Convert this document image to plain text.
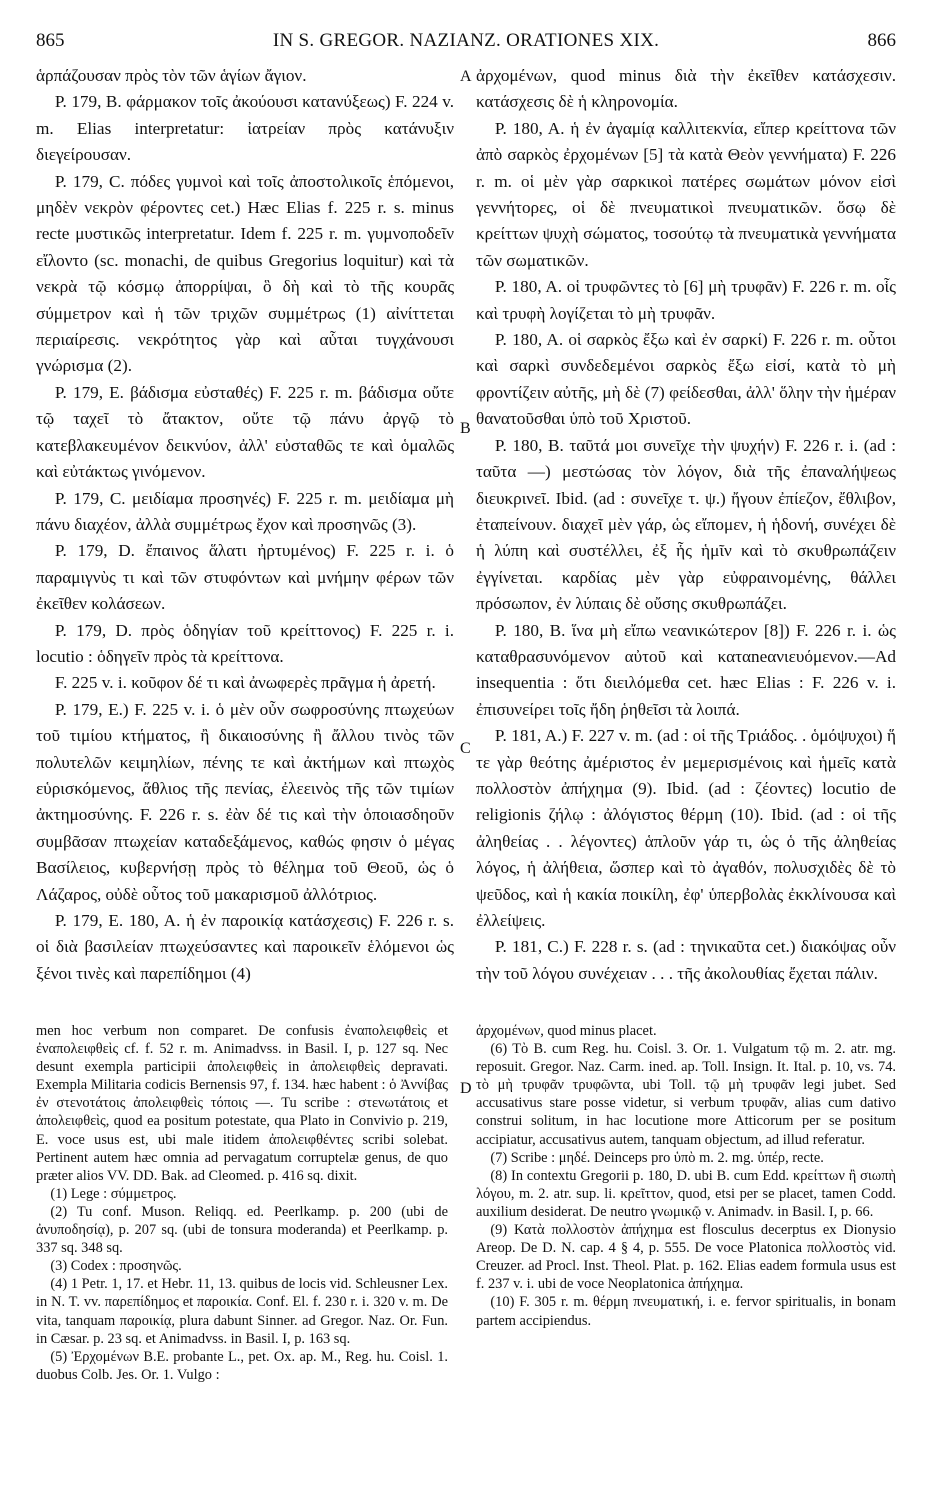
865	IN S. GREGOR. NAZIANZ. ORATIONES XIX.	866

ἁρπάζουσαν πρὸς τὸν τῶν ἁγίων ἄγιον.

P. 179, B. φάρμακον τοῖς ἀκούουσι κατανύξεως) F. 224 v. m. Elias interpretatur: ἰατρείαν πρὸς κατάνυξιν διεγείρουσαν.

P. 179, C. πόδες γυμνοὶ καὶ τοῖς ἀποστολικοῖς ἑπόμενοι, μηδὲν νεκρὸν φέροντες cet.) Hæc Elias f. 225 r. s. minus recte μυστικῶς interpretatur. Idem f. 225 r. m. γυμνοποδεῖν εἴλοντο (sc. monachi, de quibus Gregorius loquitur) καὶ τὰ νεκρὰ τῷ κόσμῳ ἀπορρίψαι, ὃ δὴ καὶ τὸ τῆς κουρᾶς σύμμετρον καὶ ἡ τῶν τριχῶν συμμέτρως (1) αἰνίττεται περιαίρεσις. νεκρότητος γὰρ καὶ αὗται τυγχάνουσι γνώρισμα (2).

P. 179, E. βάδισμα εὐσταθές) F. 225 r. m. βάδισμα οὔτε τῷ ταχεῖ τὸ ἄτακτον, οὔτε τῷ πάνυ ἀργῷ τὸ κατεβλακευμένον δεικνύον, ἀλλ' εὐσταθῶς τε καὶ ὁμαλῶς καὶ εὐτάκτως γινόμενον.

P. 179, C. μειδίαμα προσηνές) F. 225 r. m. μειδίαμα μὴ πάνυ διαχέον, ἀλλὰ συμμέτρως ἔχον καὶ προσηνῶς (3).

P. 179, D. ἔπαινος ἅλατι ἠρτυμένος) F. 225 r. i. ὁ παραμιγνὺς τι καὶ τῶν στυφόντων καὶ μνήμην φέρων τῶν ἐκεῖθεν κολάσεων.

P. 179, D. πρὸς ὁδηγίαν τοῦ κρείττονος) F. 225 r. i. locutio : ὁδηγεῖν πρὸς τὰ κρείττονα.

F. 225 v. i. κοῦφον δέ τι καὶ ἀνωφερὲς πρᾶγμα ἡ ἀρετή.

P. 179, E.) F. 225 v. i. ὁ μὲν οὖν σωφροσύνης πτωχεύων τοῦ τιμίου κτήματος, ἢ δικαιοσύνης ἢ ἄλλου τινὸς τῶν πολυτελῶν κειμηλίων, πένης τε καὶ ἀκτήμων καὶ πτωχὸς εὑρισκόμενος, ἄθλιος τῆς πενίας, ἐλεεινὸς τῆς τῶν τιμίων ἀκτημοσύνης. F. 226 r. s. ἐὰν δέ τις καὶ τὴν ὁποιασδηοῦν συμβᾶσαν πτωχείαν καταδεξάμενος, καθώς φησιν ὁ μέγας Βασίλειος, κυβερνήσῃ πρὸς τὸ θέλημα τοῦ Θεοῦ, ὡς ὁ Λάζαρος, οὐδὲ οὗτος τοῦ μακαρισμοῦ ἀλλότριος.

P. 179, E. 180, A. ἡ ἐν παροικίᾳ κατάσχεσις) F. 226 r. s. οἱ διὰ βασιλείαν πτωχεύσαντες καὶ παροικεῖν ἑλόμενοι ὡς ξένοι τινὲς καὶ παρεπίδημοι (4)

A
B
C
D

ἀρχομένων, quod minus διὰ τὴν ἐκεῖθεν κατάσχεσιν. κατάσχεσις δὲ ἡ κληρονομία.

P. 180, A. ἡ ἐν ἀγαμίᾳ καλλιτεκνία, εἴπερ κρείττονα τῶν ἀπὸ σαρκὸς ἐρχομένων [5] τὰ κατὰ Θεὸν γεννήματα) F. 226 r. m. οἱ μὲν γὰρ σαρκικοὶ πατέρες σωμάτων μόνον εἰσὶ γεννήτορες, οἱ δὲ πνευματικοὶ πνευματικῶν. ὅσῳ δὲ κρείττων ψυχὴ σώματος, τοσούτῳ τὰ πνευματικὰ γεννήματα τῶν σωματικῶν.

P. 180, A. οἱ τρυφῶντες τὸ [6] μὴ τρυφᾶν) F. 226 r. m. οἷς καὶ τρυφὴ λογίζεται τὸ μὴ τρυφᾶν.

P. 180, A. οἱ σαρκὸς ἔξω καὶ ἐν σαρκί) F. 226 r. m. οὗτοι καὶ σαρκὶ συνδεδεμένοι σαρκὸς ἔξω εἰσί, κατὰ τὸ μὴ φροντίζειν αὐτῆς, μὴ δὲ (7) φείδεσθαι, ἀλλ' ὅλην τὴν ἡμέραν θανατοῦσθαι ὑπὸ τοῦ Χριστοῦ.

P. 180, B. ταῦτά μοι συνεῖχε τὴν ψυχήν) F. 226 r. i. (ad : ταῦτα —) μεστώσας τὸν λόγον, διὰ τῆς ἐπαναλήψεως διευκρινεῖ. Ibid. (ad : συνεῖχε τ. ψ.) ἤγουν ἐπίεζον, ἔθλιβον, ἐταπείνουν. διαχεῖ μὲν γάρ, ὡς εἴπομεν, ἡ ἡδονή, συνέχει δὲ ἡ λύπη καὶ συστέλλει, ἐξ ἧς ἡμῖν καὶ τὸ σκυθρωπάζειν ἐγγίνεται. καρδίας μὲν γὰρ εὐφραινομένης, θάλλει πρόσωπον, ἐν λύπαις δὲ οὔσης σκυθρωπάζει.

P. 180, B. ἵνα μὴ εἴπω νεανικώτερον [8]) F. 226 r. i. ὡς καταθρασυνόμενον αὐτοῦ καὶ καταneανιευόμενον.—Ad insequentia : ὅτι διειλόμεθα cet. hæc Elias : F. 226 v. i. ἐπισυνείρει τοῖς ἤδη ῥηθεῖσι τὰ λοιπά.

P. 181, A.) F. 227 v. m. (ad : οἱ τῆς Τριάδος. . ὁμόψυχοι) ἥ τε γὰρ θεότης ἀμέριστος ἐν μεμερισμένοις καὶ ἡμεῖς κατὰ πολλοστὸν ἀπήχημα (9). Ibid. (ad : ζέοντες) locutio de religionis ζήλῳ : ἀλόγιστος θέρμη (10). Ibid. (ad : οἱ τῆς ἀληθείας . . λέγοντες) ἁπλοῦν γάρ τι, ὡς ὁ τῆς ἀληθείας λόγος, ἡ ἀλήθεια, ὥσπερ καὶ τὸ ἀγαθόν, πολυσχιδὲς δὲ τὸ ψεῦδος, καὶ ἡ κακία ποικίλη, ἐφ' ὑπερβολὰς ἐκκλίνουσα καὶ ἐλλείψεις.

P. 181, C.) F. 228 r. s. (ad : τηνικαῦτα cet.) διακόψας οὖν τὴν τοῦ λόγου συνέχειαν . . . τῆς ἀκολουθίας ἔχεται πάλιν.

men hoc verbum non comparet. De confusis ἐναπολειφθεὶς et ἐναπολειφθεὶς cf. f. 52 r. m. Animadvss. in Basil. I, p. 127 sq. Nec desunt exempla participii ἀπολειφθεὶς in ἀπολειφθεὶς depravati. Exempla Militaria codicis Bernensis 97, f. 134. hæc habent : ὁ Ἀννίβας ἐν στενοτάτοις ἀπολειφθεὶς τόποις —. Tu scribe : στενωτάτοις et ἀπολειφθεὶς, quod ea positum potestate, qua Plato in Convivio p. 219, E. voce usus est, ubi male itidem ἀπολειφθέντες scribi solebat. Pertinent autem hæc omnia ad pervagatum corruptelæ genus, de quo præter alios VV. DD. Bak. ad Cleomed. p. 416 sq. dixit.

(1) Lege : σύμμετρος.

(2) Tu conf. Muson. Reliqq. ed. Peerlkamp. p. 200 (ubi de ἀνυποδησίᾳ), p. 207 sq. (ubi de tonsura moderanda) et Peerlkamp. p. 337 sq. 348 sq.

(3) Codex : προσηνῶς.

(4) 1 Petr. 1, 17. et Hebr. 11, 13. quibus de locis vid. Schleusner Lex. in N. T. vv. παρεπίδημος et παροικία. Conf. El. f. 230 r. i. 320 v. m. De vita, tanquam παροικίᾳ, plura dabunt Sinner. ad Gregor. Naz. Or. Fun. in Cæsar. p. 23 sq. et Animadvss. in Basil. I, p. 163 sq.

(5) Ἐρχομένων B.E. probante L., pet. Ox. ap. M., Reg. hu. Coisl. 1. duobus Colb. Jes. Or. 1. Vulgo :

ἀρχομένων, quod minus placet.

(6) Τὸ B. cum Reg. hu. Coisl. 3. Or. 1. Vulgatum τῷ m. 2. atr. mg. reposuit. Gregor. Naz. Carm. ined. ap. Toll. Insign. It. Ital. p. 10, vs. 74. τὸ μὴ τρυφᾶν τρυφῶντα, ubi Toll. τῷ μὴ τρυφᾶν legi jubet. Sed accusativus stare posse videtur, si verbum τρυφᾶν, alias cum dativo construi solitum, in hac locutione more Atticorum per se positum accipiatur, accusativus autem, tanquam objectum, ad illud referatur.

(7) Scribe : μηδέ. Deinceps pro ὑπὸ m. 2. mg. ὑπέρ, recte.

(8) In contextu Gregorii p. 180, D. ubi B. cum Edd. κρείττων ἢ σιωπὴ λόγου, m. 2. atr. sup. li. κρεῖττον, quod, etsi per se placet, tamen Codd. auxilium desiderat. De neutro γνωμικῷ v. Animadv. in Basil. I, p. 66.

(9) Κατὰ πολλοστὸν ἀπήχημα est flosculus decerptus ex Dionysio Areop. De D. N. cap. 4 § 4, p. 555. De voce Platonica πολλοστὸς vid. Creuzer. ad Procl. Inst. Theol. Plat. p. 162. Elias eadem formula usus est f. 237 v. i. ubi de voce Neoplatonica ἀπήχημα.

(10) F. 305 r. m. θέρμη πνευματική, i. e. fervor spiritualis, in bonam partem accipiendus.
